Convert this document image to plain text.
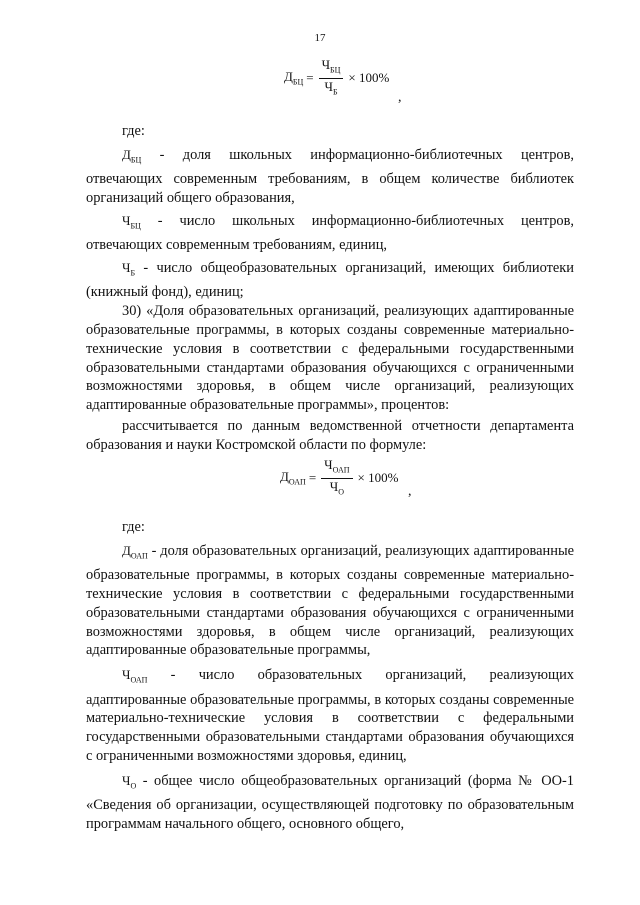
17
$Д_{БЦ} = \frac{Ч_{БЦ}}{Ч_Б} \times 100\%$
,

где:

$Д_{БЦ}$ - доля школьных информационно-библиотечных центров, отвечающих современным требованиям, в общем количестве библиотек организаций общего образования,

$Ч_{БЦ}$ - число школьных информационно-библиотечных центров, отвечающих современным требованиям, единиц,

$Ч_Б$ - число общеобразовательных организаций, имеющих библиотеки (книжный фонд), единиц;

30) «Доля образовательных организаций, реализующих адаптированные образовательные программы, в которых созданы современные материально-технические условия в соответствии с федеральными государственными образовательными стандартами образования обучающихся с ограниченными возможностями здоровья, в общем числе организаций, реализующих адаптированные образовательные программы», процентов:

рассчитывается по данным ведомственной отчетности департамента образования и науки Костромской области по формуле:

$Д_{ОАП} = \frac{Ч_{ОАП}}{Ч_О} \times 100\%$
,

где:

$Д_{ОАП}$ - доля образовательных организаций, реализующих адаптированные образовательные программы, в которых созданы современные материально-технические условия в соответствии с федеральными государственными образовательными стандартами образования обучающихся с ограниченными возможностями здоровья, в общем числе организаций, реализующих адаптированные образовательные программы,

$Ч_{ОАП}$ - число образовательных организаций, реализующих адаптированные образовательные программы, в которых созданы современные материально-технические условия в соответствии с федеральными государственными образовательными стандартами образования обучающихся с ограниченными возможностями здоровья, единиц,

$Ч_О$ - общее число общеобразовательных организаций (форма № ОО-1 «Сведения об организации, осуществляющей подготовку по образовательным программам начального общего, основного общего,
